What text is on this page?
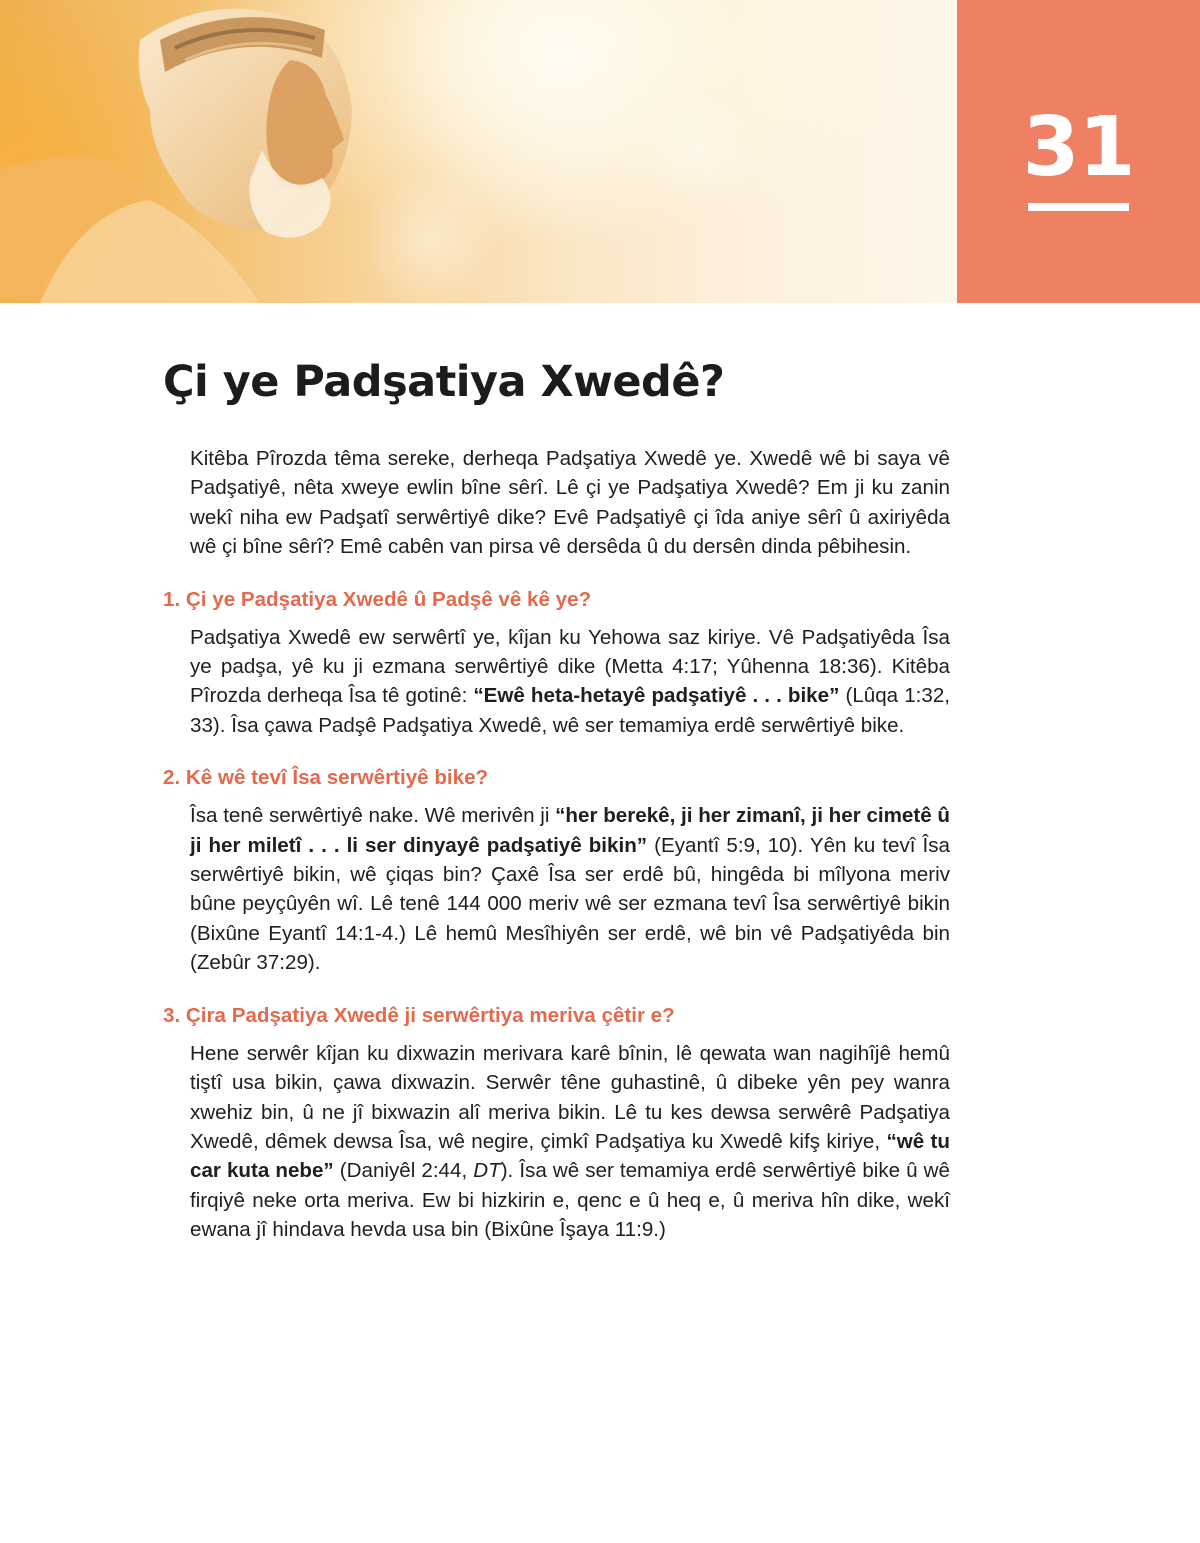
31
Çi ye Padşatiya Xwedê?

Kitêba Pîrozda têma sereke, derheqa Padşatiya Xwedê ye. Xwedê wê bi saya vê Padşatiyê, nêta xweye ewlin bîne sêrî. Lê çi ye Padşatiya Xwedê? Em ji ku zanin wekî niha ew Padşatî serwêrtiyê dike? Evê Padşatiyê çi îda aniye sêrî û axiriyêda wê çi bîne sêrî? Emê cabên van pirsa vê dersêda û du dersên dinda pêbihesin.

1. Çi ye Padşatiya Xwedê û Padşê vê kê ye?

Padşatiya Xwedê ew serwêrtî ye, kîjan ku Yehowa saz kiriye. Vê Padşatiyêda Îsa ye padşa, yê ku ji ezmana serwêrtiyê dike (Metta 4:17; Yûhenna 18:36). Kitêba Pîrozda derheqa Îsa tê gotinê: “Ewê heta-hetayê padşatiyê . . . bike” (Lûqa 1:32, 33). Îsa çawa Padşê Padşatiya Xwedê, wê ser temamiya erdê serwêrtiyê bike.

2. Kê wê tevî Îsa serwêrtiyê bike?

Îsa tenê serwêrtiyê nake. Wê merivên ji “her berekê, ji her zimanî, ji her cimetê û ji her miletî . . . li ser dinyayê padşatiyê bikin” (Eyantî 5:9, 10). Yên ku tevî Îsa serwêrtiyê bikin, wê çiqas bin? Çaxê Îsa ser erdê bû, hingêda bi mîlyona meriv bûne peyçûyên wî. Lê tenê 144 000 meriv wê ser ezmana tevî Îsa serwêrtiyê bikin (Bixûne Eyantî 14:1-4.) Lê hemû Mesîhiyên ser erdê, wê bin vê Padşatiyêda bin (Zebûr 37:29).

3. Çira Padşatiya Xwedê ji serwêrtiya meriva çêtir e?

Hene serwêr kîjan ku dixwazin merivara karê bînin, lê qewata wan nagihîjê hemû tiştî usa bikin, çawa dixwazin. Serwêr têne guhastinê, û dibeke yên pey wanra xwehiz bin, û ne jî bixwazin alî meriva bikin. Lê tu kes dewsa serwêrê Padşatiya Xwedê, dêmek dewsa Îsa, wê negire, çimkî Padşatiya ku Xwedê kifş kiriye, “wê tu car kuta nebe” (Daniyêl 2:44, DT). Îsa wê ser temamiya erdê serwêrtiyê bike û wê firqiyê neke orta meriva. Ew bi hizkirin e, qenc e û heq e, û meriva hîn dike, wekî ewana jî hindava hevda usa bin (Bixûne Îşaya 11:9.)
